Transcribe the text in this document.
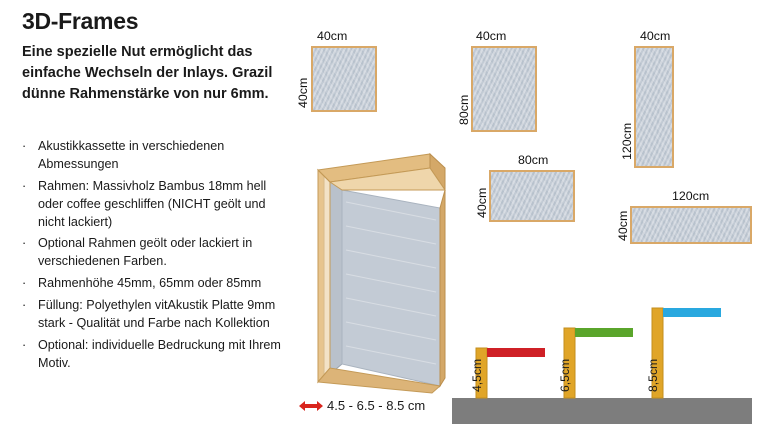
3D-Frames
Eine spezielle Nut ermöglicht das einfache Wechseln der Inlays. Grazil dünne Rahmenstärke von nur 6mm.
· Akustikkassette in verschiedenen Abmessungen
· Rahmen: Massivholz Bambus 18mm hell oder coffee geschliffen (NICHT geölt und nicht lackiert)
· Optional Rahmen geölt oder lackiert in verschiedenen Farben.
· Rahmenhöhe 45mm, 65mm oder 85mm
· Füllung: Polyethylen vitAkustik Platte 9mm stark - Qualität und Farbe nach Kollektion
· Optional: individuelle Bedruckung mit Ihrem Motiv.
40cm
40cm
40cm
80cm
40cm
120cm
80cm
40cm	120cm
40cm
4.5 - 6.5 - 8.5 cm
4,5cm	6,5cm	8,5cm
